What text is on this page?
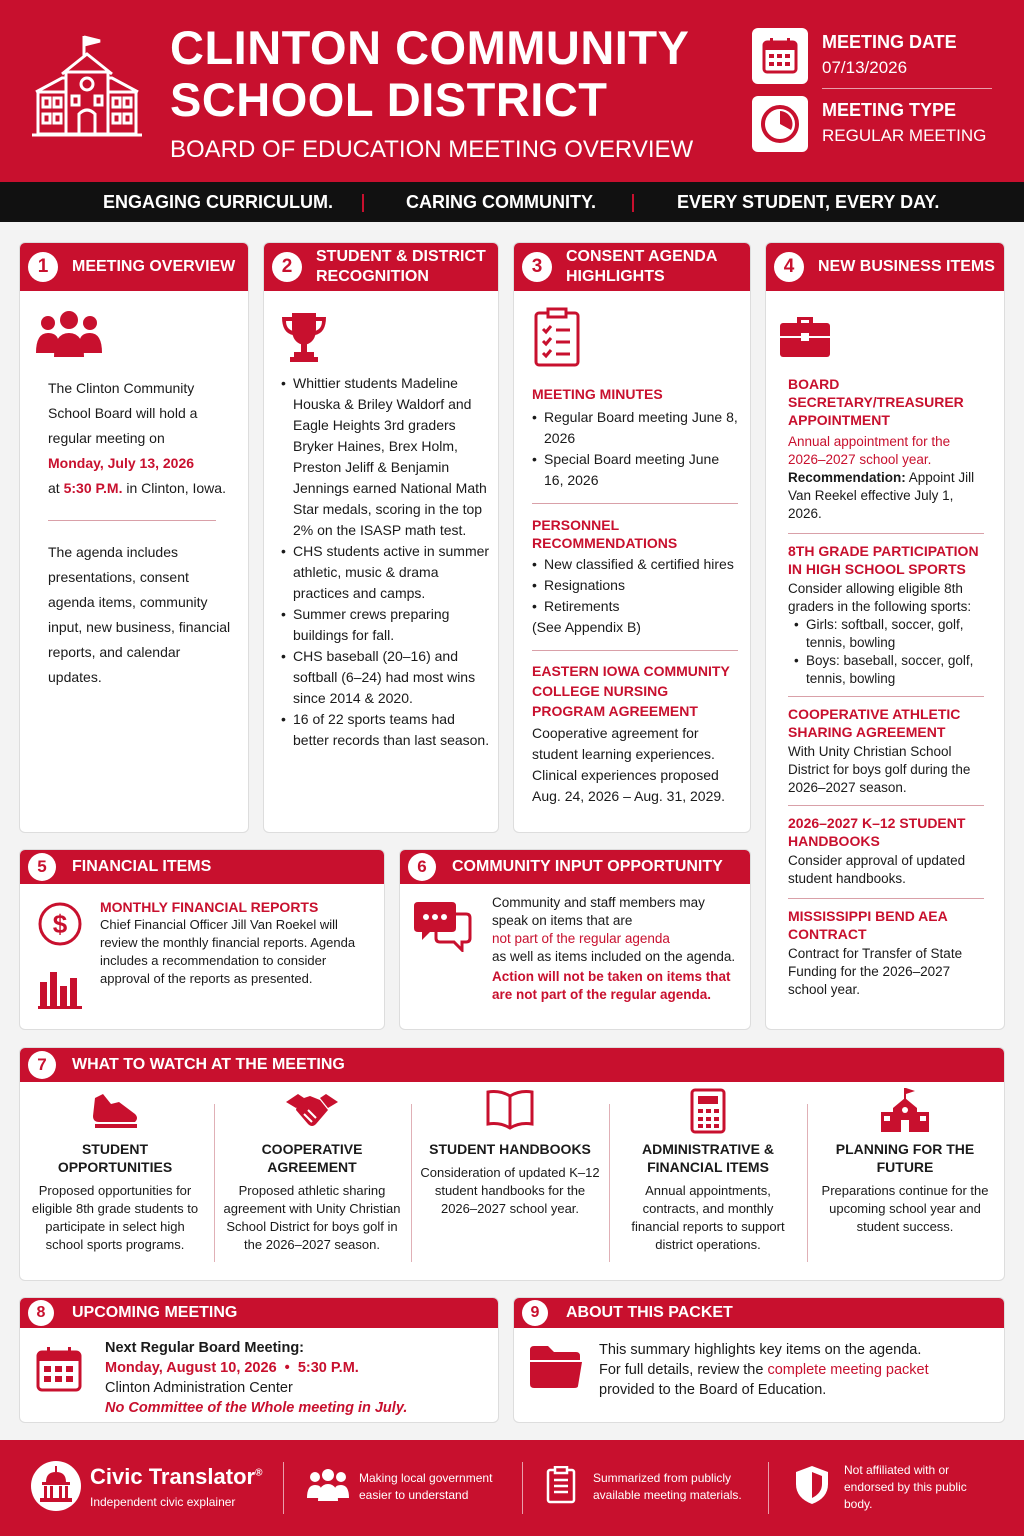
CLINTON COMMUNITY
SCHOOL DISTRICT
BOARD OF EDUCATION MEETING OVERVIEW
MEETING DATE
07/13/2026
MEETING TYPE
REGULAR MEETING
ENGAGING CURRICULUM.	CARING COMMUNITY.	EVERY STUDENT, EVERY DAY.
1	MEETING OVERVIEW
The Clinton Community School Board will hold a regular meeting on
Monday, July 13, 2026
at 5:30 P.M. in Clinton, Iowa.
The agenda includes presentations, consent agenda items, community input, new business, financial reports, and calendar updates.
2	STUDENT & DISTRICT RECOGNITION
• Whittier students Madeline Houska & Briley Waldorf and Eagle Heights 3rd graders Bryker Haines, Brex Holm, Preston Jeliff & Benjamin Jennings earned National Math Star medals, scoring in the top 2% on the ISASP math test.
• CHS students active in summer athletic, music & drama practices and camps.
• Summer crews preparing buildings for fall.
• CHS baseball (20–16) and softball (6–24) had most wins since 2014 & 2020.
• 16 of 22 sports teams had better records than last season.
3	CONSENT AGENDA HIGHLIGHTS
MEETING MINUTES
• Regular Board meeting June 8, 2026
• Special Board meeting June 16, 2026
PERSONNEL RECOMMENDATIONS
• New classified & certified hires
• Resignations
• Retirements
(See Appendix B)
EASTERN IOWA COMMUNITY COLLEGE NURSING PROGRAM AGREEMENT
Cooperative agreement for student learning experiences. Clinical experiences proposed Aug. 24, 2026 – Aug. 31, 2029.
4	NEW BUSINESS ITEMS
BOARD SECRETARY/TREASURER APPOINTMENT
Annual appointment for the 2026–2027 school year.
Recommendation: Appoint Jill Van Reekel effective July 1, 2026.
8TH GRADE PARTICIPATION IN HIGH SCHOOL SPORTS
Consider allowing eligible 8th graders in the following sports:
• Girls: softball, soccer, golf, tennis, bowling
• Boys: baseball, soccer, golf, tennis, bowling
COOPERATIVE ATHLETIC SHARING AGREEMENT
With Unity Christian School District for boys golf during the 2026–2027 season.
2026–2027 K–12 STUDENT HANDBOOKS
Consider approval of updated student handbooks.
MISSISSIPPI BEND AEA CONTRACT
Contract for Transfer of State Funding for the 2026–2027 school year.
5	FINANCIAL ITEMS
$
MONTHLY FINANCIAL REPORTS
Chief Financial Officer Jill Van Roekel will review the monthly financial reports. Agenda includes a recommendation to consider approval of the reports as presented.
6	COMMUNITY INPUT OPPORTUNITY
Community and staff members may speak on items that are
not part of the regular agenda
as well as items included on the agenda.
Action will not be taken on items that are not part of the regular agenda.
7	WHAT TO WATCH AT THE MEETING
STUDENT OPPORTUNITIES
Proposed opportunities for eligible 8th grade students to participate in select high school sports programs.
COOPERATIVE AGREEMENT
Proposed athletic sharing agreement with Unity Christian School District for boys golf in the 2026–2027 season.
STUDENT HANDBOOKS
Consideration of updated K–12 student handbooks for the 2026–2027 school year.
ADMINISTRATIVE & FINANCIAL ITEMS
Annual appointments, contracts, and monthly financial reports to support district operations.
PLANNING FOR THE FUTURE
Preparations continue for the upcoming school year and student success.
8	UPCOMING MEETING
Next Regular Board Meeting:
Monday, August 10, 2026  •  5:30 P.M.
Clinton Administration Center
No Committee of the Whole meeting in July.
9	ABOUT THIS PACKET
This summary highlights key items on the agenda.
For full details, review the complete meeting packet
provided to the Board of Education.
Civic Translator®
Independent civic explainer
Making local government easier to understand
Summarized from publicly available meeting materials.
Not affiliated with or endorsed by this public body.
